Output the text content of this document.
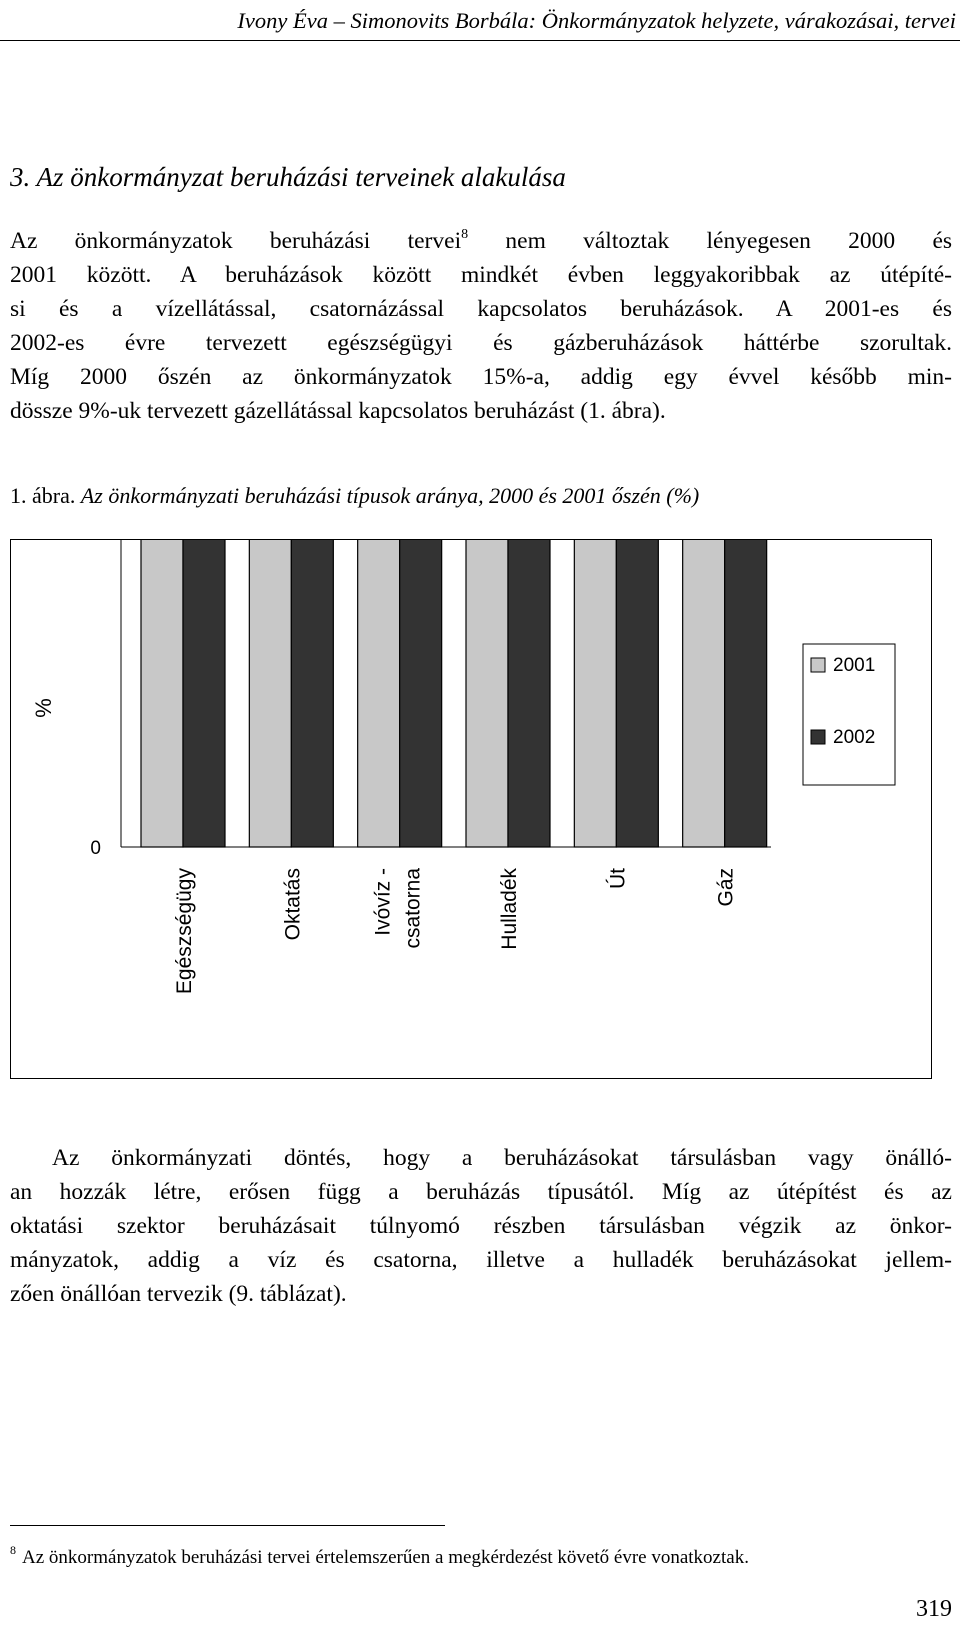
Ivony Éva – Simonovits Borbála: Önkormányzatok helyzete, várakozásai, tervei
3. Az önkormányzat beruházási terveinek alakulása
Az önkormányzatok beruházási tervei$^8$ nem változtak lényegesen 2000 és
2001 között. A beruházások között mindkét évben leggyakoribbak az útépíté-
si és a vízellátással, csatornázással kapcsolatos beruházások. A 2001-es és
2002-es évre tervezett egészségügyi és gázberuházások háttérbe szorultak.
Míg 2000 őszén az önkormányzatok 15%-a, addig egy évvel később min-
dössze 9%-uk tervezett gázellátással kapcsolatos beruházást (1. ábra).
1. ábra. Az önkormányzati beruházási típusok aránya, 2000 és 2001 őszén (%)
0
%
Egészségügy	Oktatás	Ivóvíz - csatorna	Hulladék	Út	Gáz
2001
2002
Az önkormányzati döntés, hogy a beruházásokat társulásban vagy önálló-
an hozzák létre, erősen függ a beruházás típusától. Míg az útépítést és az
oktatási szektor beruházásait túlnyomó részben társulásban végzik az önkor-
mányzatok, addig a víz és csatorna, illetve a hulladék beruházásokat jellem-
zően önállóan tervezik (9. táblázat).
$^8$ Az önkormányzatok beruházási tervei értelemszerűen a megkérdezést követő évre vonatkoztak.
319
